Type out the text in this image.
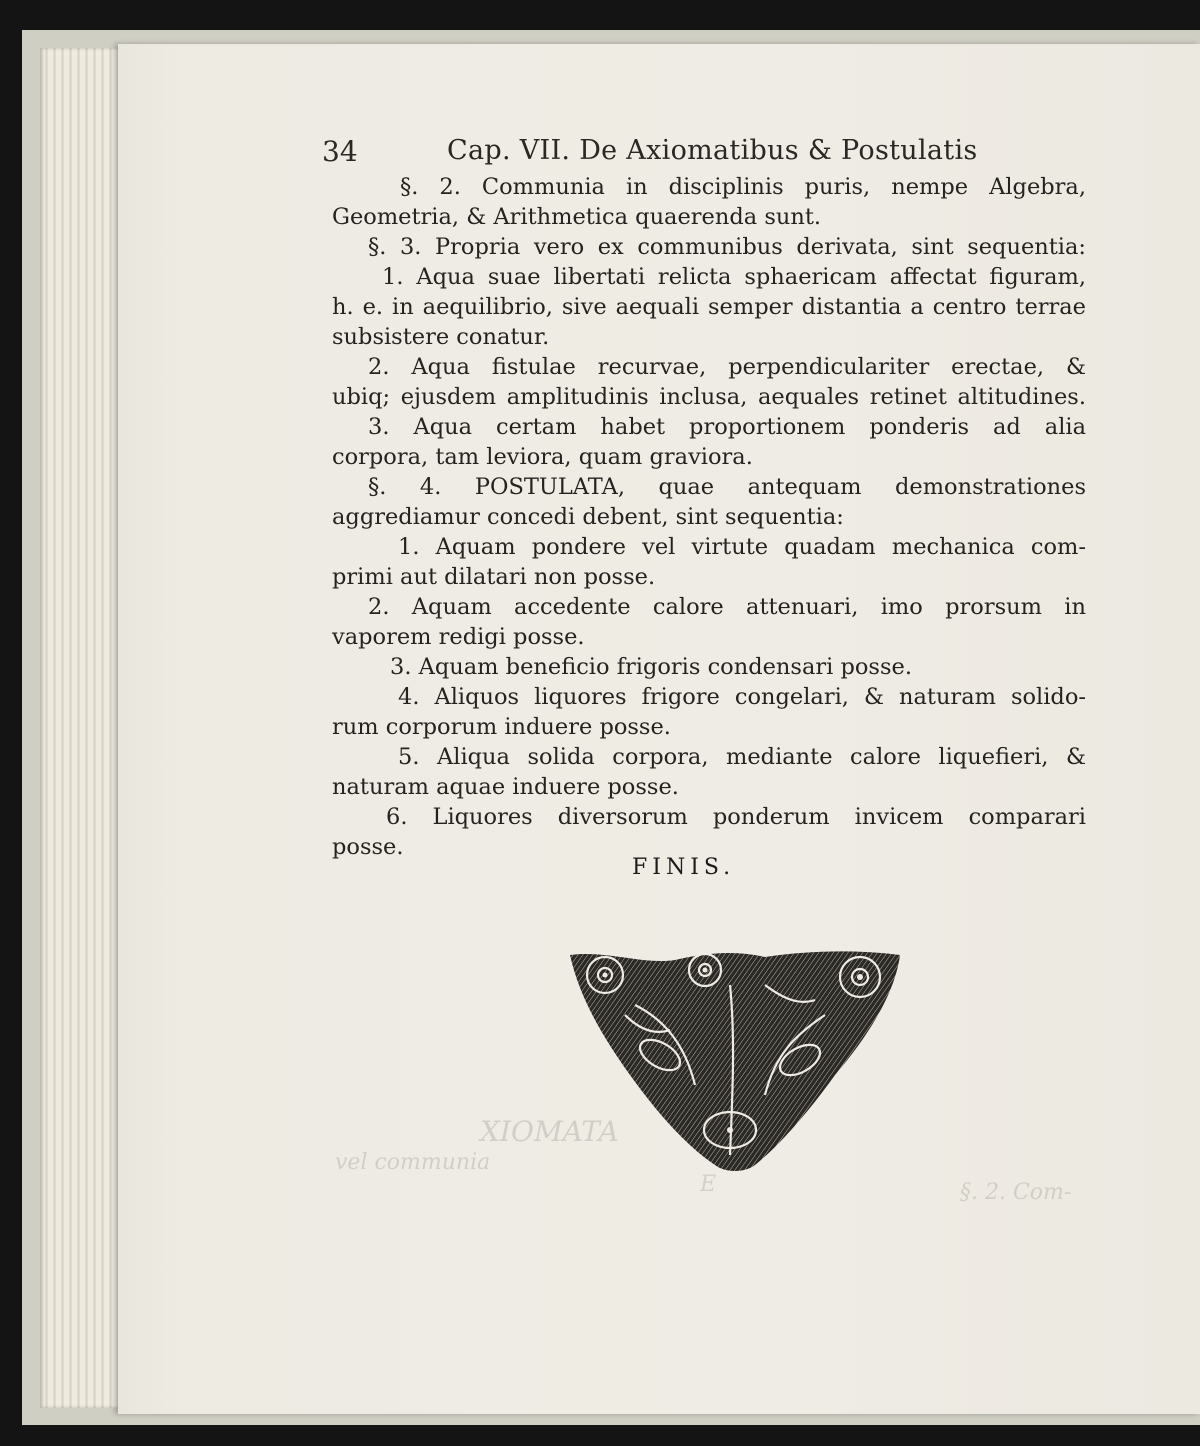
XIOMATA
vel communia
§. 2. Com-
E
34	Cap. VII. De Axiomatibus & Postulatis
§. 2. Communia in disciplinis puris, nempe Algebra,
Geometria, & Arithmetica quaerenda sunt.
§. 3. Propria vero ex communibus derivata, sint sequentia:
1. Aqua suae libertati relicta sphaericam affectat figuram,
h. e. in aequilibrio, sive aequali semper distantia a centro terrae
subsistere conatur.
2. Aqua fistulae recurvae, perpendiculariter erectae, &
ubiq; ejusdem amplitudinis inclusa, aequales retinet altitudines.
3. Aqua certam habet proportionem ponderis ad alia
corpora, tam leviora, quam graviora.
§. 4. POSTULATA, quae antequam demonstrationes
aggrediamur concedi debent, sint sequentia:
1. Aquam pondere vel virtute quadam mechanica com-
primi aut dilatari non posse.
2. Aquam accedente calore attenuari, imo prorsum in
vaporem redigi posse.
3. Aquam beneficio frigoris condensari posse.
4. Aliquos liquores frigore congelari, & naturam solido-
rum corporum induere posse.
5. Aliqua solida corpora, mediante calore liquefieri, &
naturam aquae induere posse.
6. Liquores diversorum ponderum invicem comparari
posse.
FINIS.
